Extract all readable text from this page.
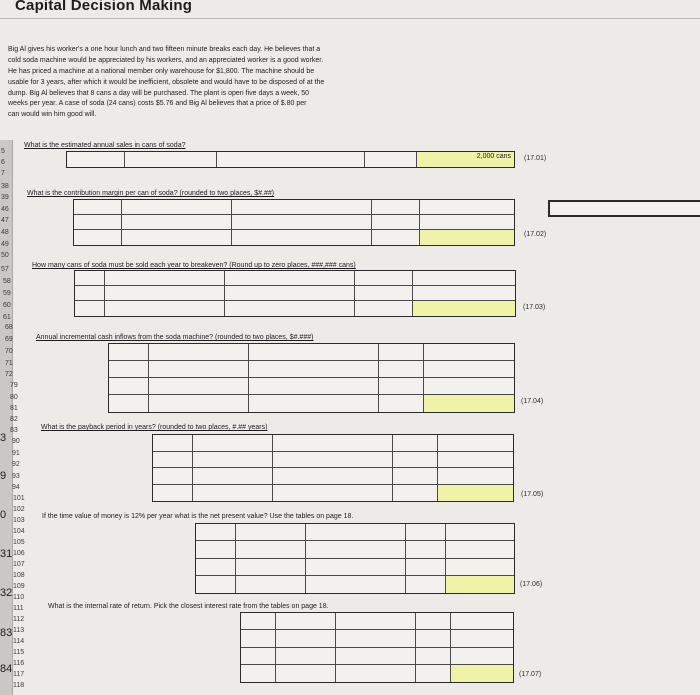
Capital Decision Making
Big Al gives his worker's a one hour lunch and two fifteen minute breaks each day. He believes that a
cold soda machine would be appreciated by his workers, and an appreciated worker is a good worker.
He has priced a machine at a national member only warehouse for $1,800. The machine should be
usable for 3 years, after which it would be inefficient, obsolete and would have to be disposed of at the
dump. Big Al believes that 8 cans a day will be purchased. The plant is open five days a week, 50
weeks per year. A case of soda (24 cans) costs $5.76 and Big Al believes that a price of $.80 per
can would win him good will.
5
6
7
38
39
46
47
48
49
50
57
58
59
60
61
68
69
70
71
72
79
80
81
82
83
90
91
92
93
94
101
102
103
104
105
106
107
108
109
110
111
112
113
114
115
116
117
118
3
9
0
31
32
83
84
What is the estimated annual sales in cans of soda?
What is the contribution margin per can of soda? (rounded to two places, $#.##)
How many cans of soda must be sold each year to breakeven? (Round up to zero places, ###,### cans)
Annual incremental cash inflows from the soda machine? (rounded to two places, $#.###)
What is the payback period in years? (rounded to two places, #.## years)
If the time value of money is 12% per year what is the net present value? Use the tables on page 18.
What is the internal rate of return. Pick the closest interest rate from the tables on page 18.
2,000 cans	(17.01)
(17.02)
(17.03)
(17.04)
(17.05)
(17.06)
(17.07)
